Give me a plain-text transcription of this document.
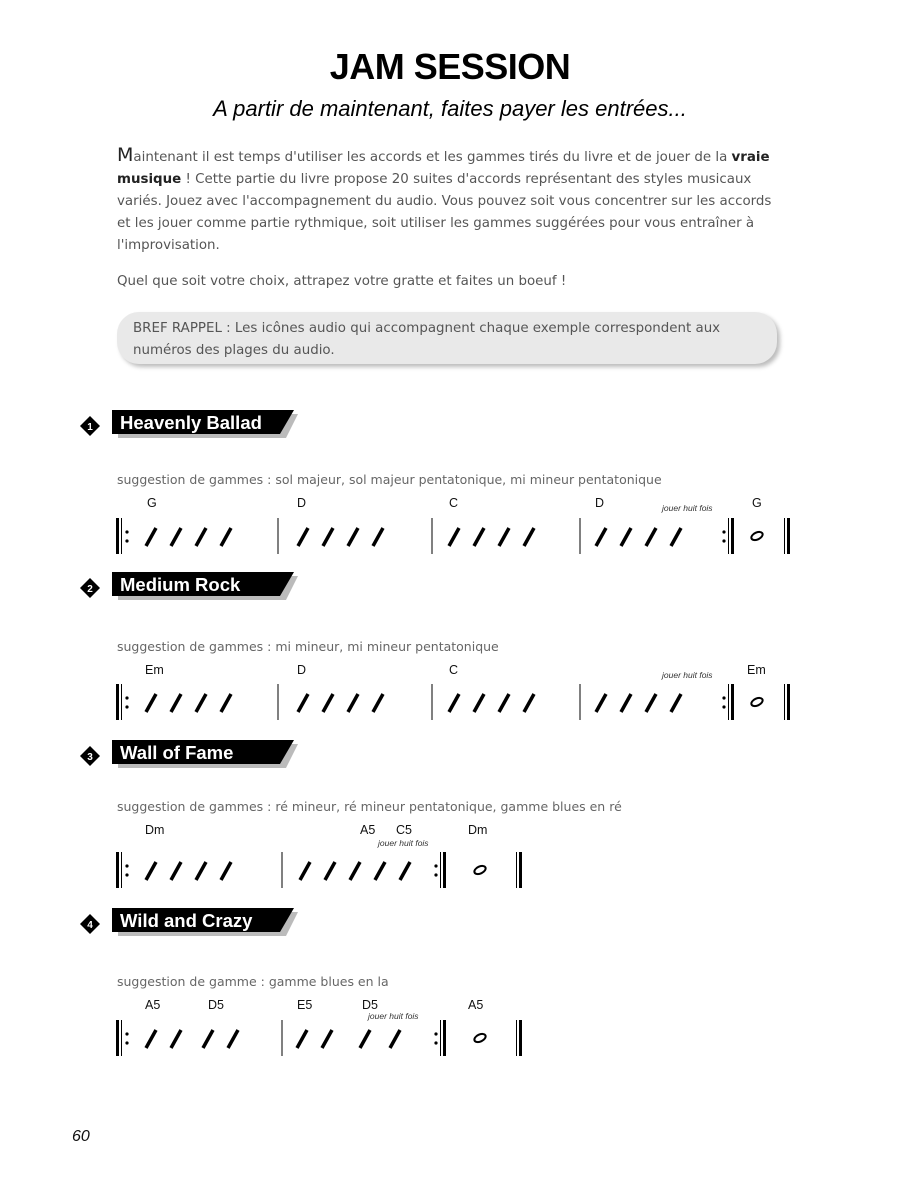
JAM SESSION
A partir de maintenant, faites payer les entrées...

Maintenant il est temps d'utiliser les accords et les gammes tirés du livre et de jouer de la vraie musique ! Cette partie du livre propose 20 suites d'accords représentant des styles musicaux variés. Jouez avec l'accompagnement du audio. Vous pouvez soit vous concentrer sur les accords et les jouer comme partie rythmique, soit utiliser les gammes suggérées pour vous entraîner à l'improvisation.

Quel que soit votre choix, attrapez votre gratte et faites un boeuf !

BREF RAPPEL : Les icônes audio qui accompagnent chaque exemple correspondent aux numéros des plages du audio.

1 Heavenly Ballad
suggestion de gammes : sol majeur, sol majeur pentatonique, mi mineur pentatonique
G	D	C	D	G
jouer huit fois
2 Medium Rock
suggestion de gammes : mi mineur, mi mineur pentatonique
Em	D	C	Em
jouer huit fois
3 Wall of Fame
suggestion de gammes : ré mineur, ré mineur pentatonique, gamme blues en ré
Dm	A5 C5	Dm
jouer huit fois
4 Wild and Crazy
suggestion de gamme : gamme blues en la
A5	D5	E5	D5	A5
jouer huit fois
60
